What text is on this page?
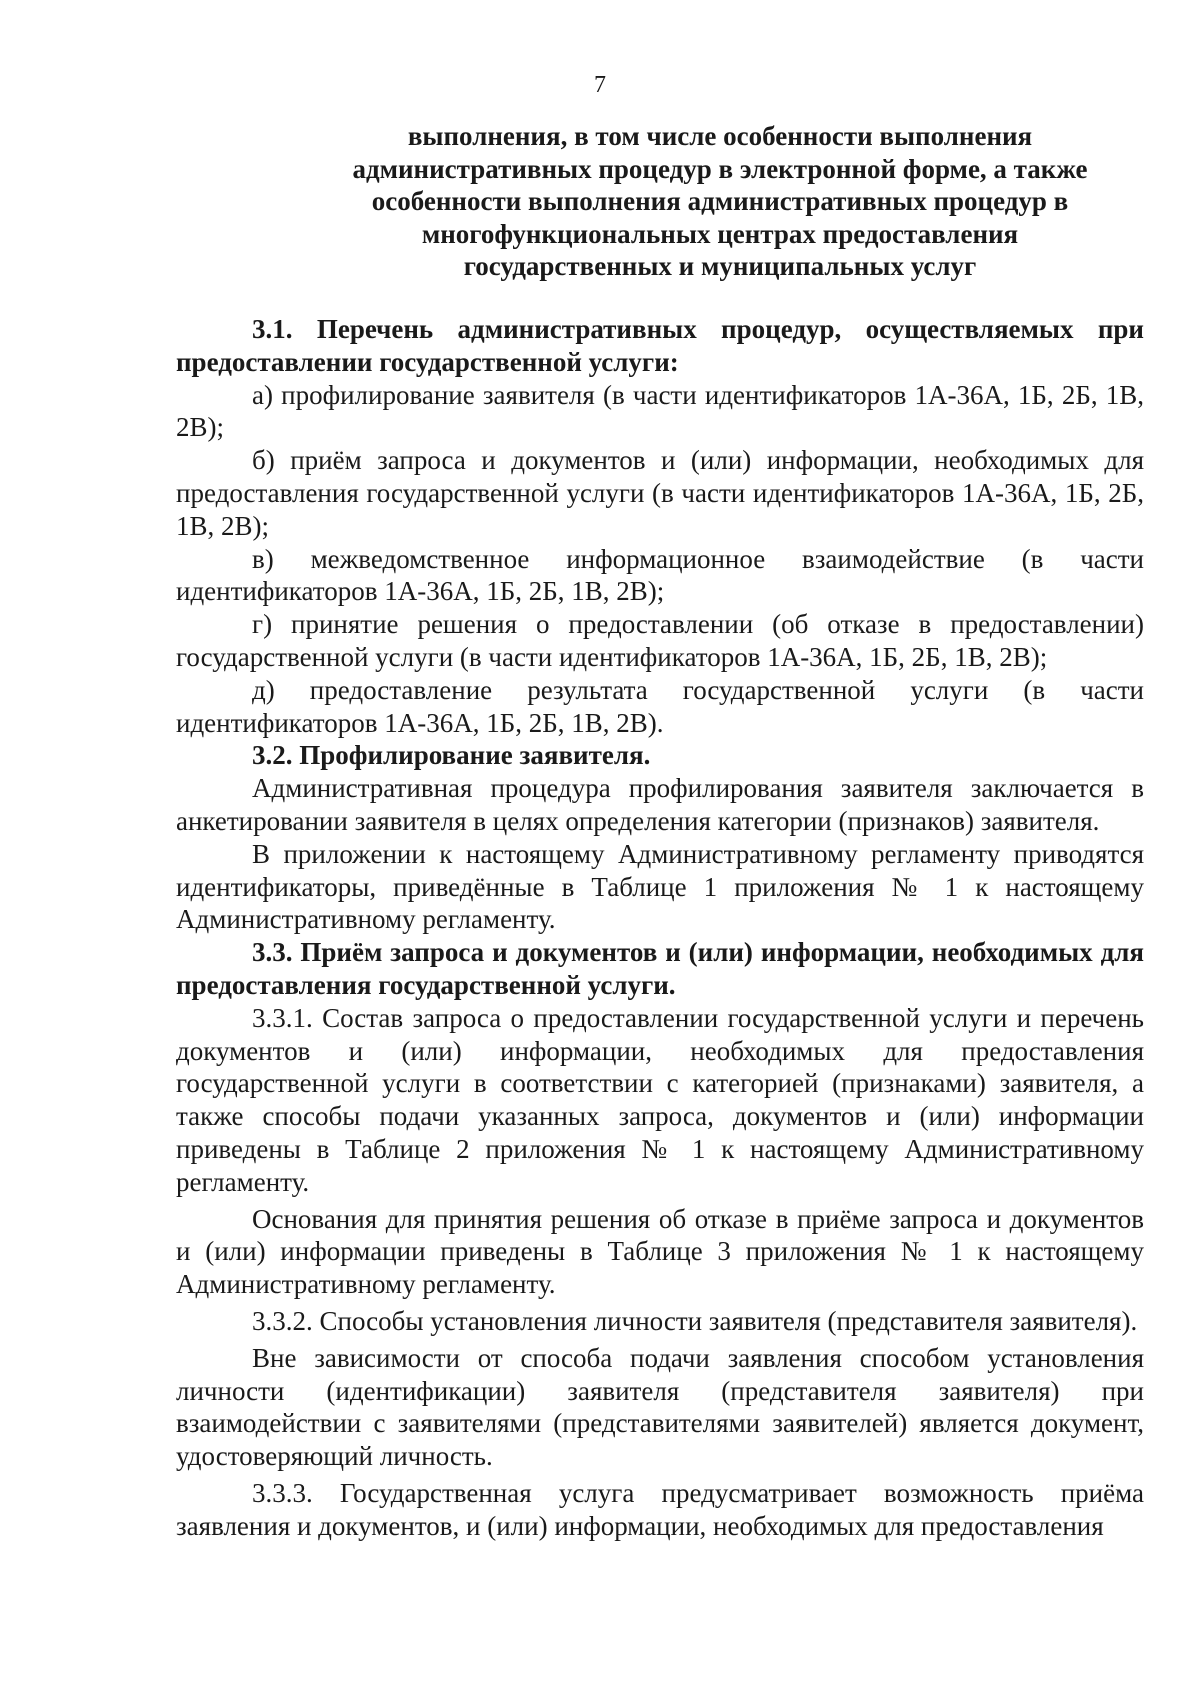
7
выполнения, в том числе особенности выполнения
административных процедур в электронной форме, а также
особенности выполнения административных процедур в
многофункциональных центрах предоставления
государственных и муниципальных услуг

3.1. Перечень административных процедур, осуществляемых при предоставлении государственной услуги:

а) профилирование заявителя (в части идентификаторов 1А-36А, 1Б, 2Б, 1В, 2В);

б) приём запроса и документов и (или) информации, необходимых для предоставления государственной услуги (в части идентификаторов 1А-36А, 1Б, 2Б, 1В, 2В);

в) межведомственное информационное взаимодействие (в части идентификаторов 1А-36А, 1Б, 2Б, 1В, 2В);

г) принятие решения о предоставлении (об отказе в предоставлении) государственной услуги (в части идентификаторов 1А-36А, 1Б, 2Б, 1В, 2В);

д) предоставление результата государственной услуги (в части идентификаторов 1А-36А, 1Б, 2Б, 1В, 2В).

3.2. Профилирование заявителя.

Административная процедура профилирования заявителя заключается в анкетировании заявителя в целях определения категории (признаков) заявителя.

В приложении к настоящему Административному регламенту приводятся идентификаторы, приведённые в Таблице 1 приложения № 1 к настоящему Административному регламенту.

3.3. Приём запроса и документов и (или) информации, необходимых для предоставления государственной услуги.

3.3.1. Состав запроса о предоставлении государственной услуги и перечень документов и (или) информации, необходимых для предоставления государственной услуги в соответствии с категорией (признаками) заявителя, а также способы подачи указанных запроса, документов и (или) информации приведены в Таблице 2 приложения № 1 к настоящему Административному регламенту.

Основания для принятия решения об отказе в приёме запроса и документов и (или) информации приведены в Таблице 3 приложения № 1 к настоящему Административному регламенту.

3.3.2. Способы установления личности заявителя (представителя заявителя).

Вне зависимости от способа подачи заявления способом установления личности (идентификации) заявителя (представителя заявителя) при взаимодействии с заявителями (представителями заявителей) является документ, удостоверяющий личность.

3.3.3. Государственная услуга предусматривает возможность приёма заявления и документов, и (или) информации, необходимых для предоставления
